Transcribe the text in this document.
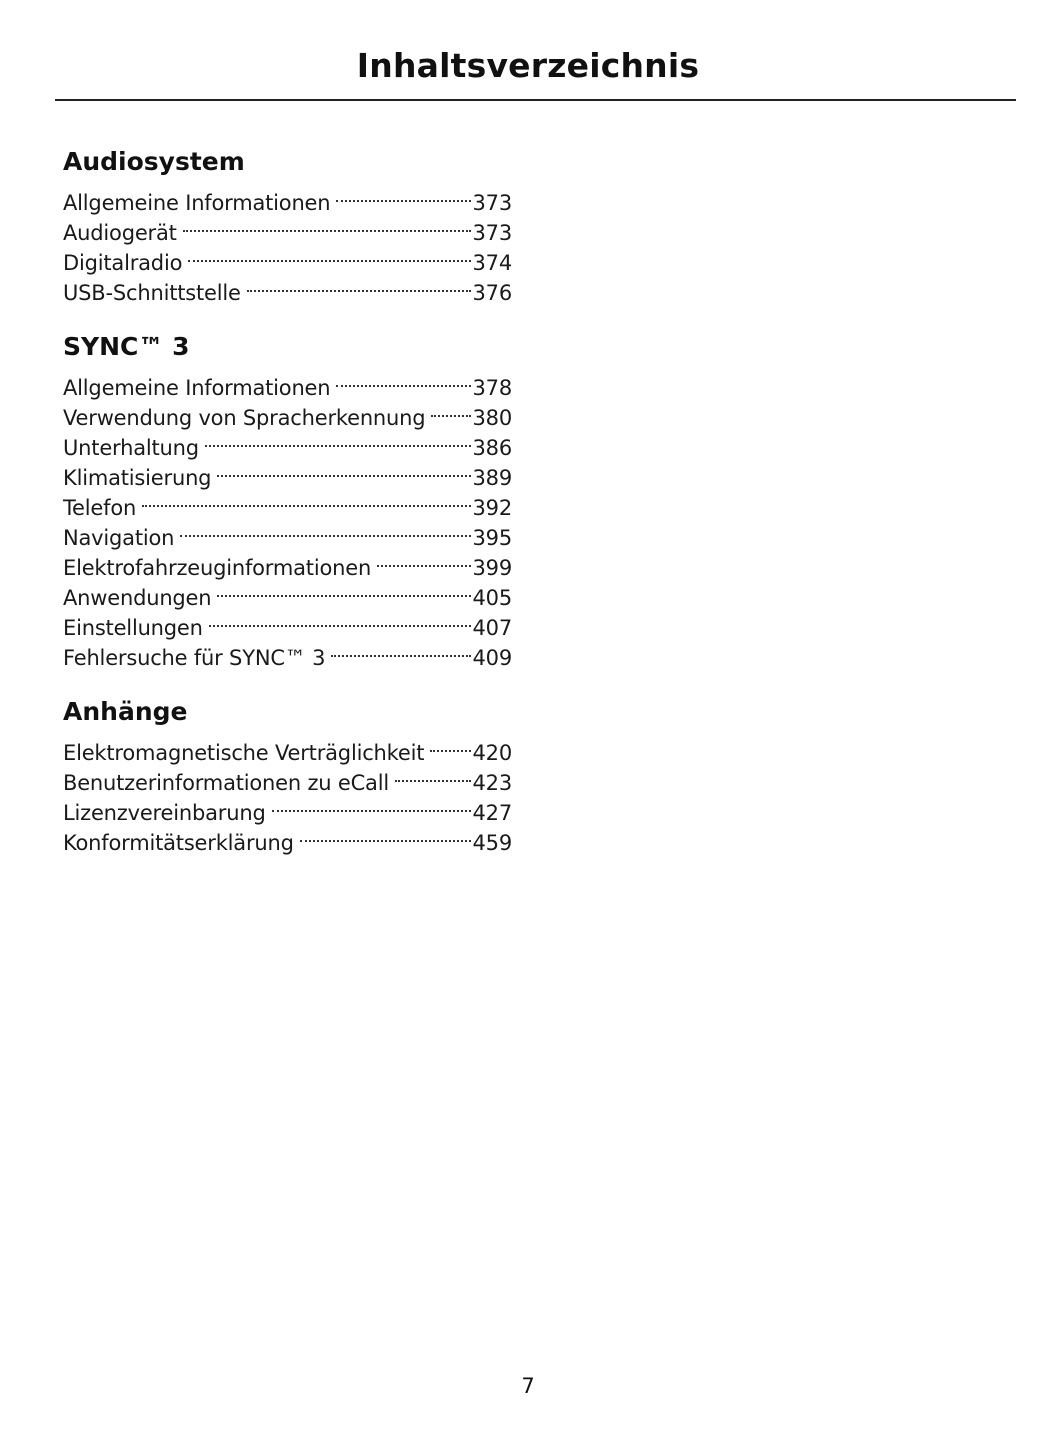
Inhaltsverzeichnis
Audiosystem
Allgemeine Informationen	373
Audiogerät	373
Digitalradio	374
USB-Schnittstelle	376
SYNC™ 3
Allgemeine Informationen	378
Verwendung von Spracherkennung 380
Unterhaltung	386
Klimatisierung	389
Telefon	392
Navigation	395
Elektrofahrzeuginformationen	399
Anwendungen	405
Einstellungen	407
Fehlersuche für SYNC™ 3	409
Anhänge
Elektromagnetische Verträglichkeit 420
Benutzerinformationen zu eCall	423
Lizenzvereinbarung	427
Konformitätserklärung	459
7
